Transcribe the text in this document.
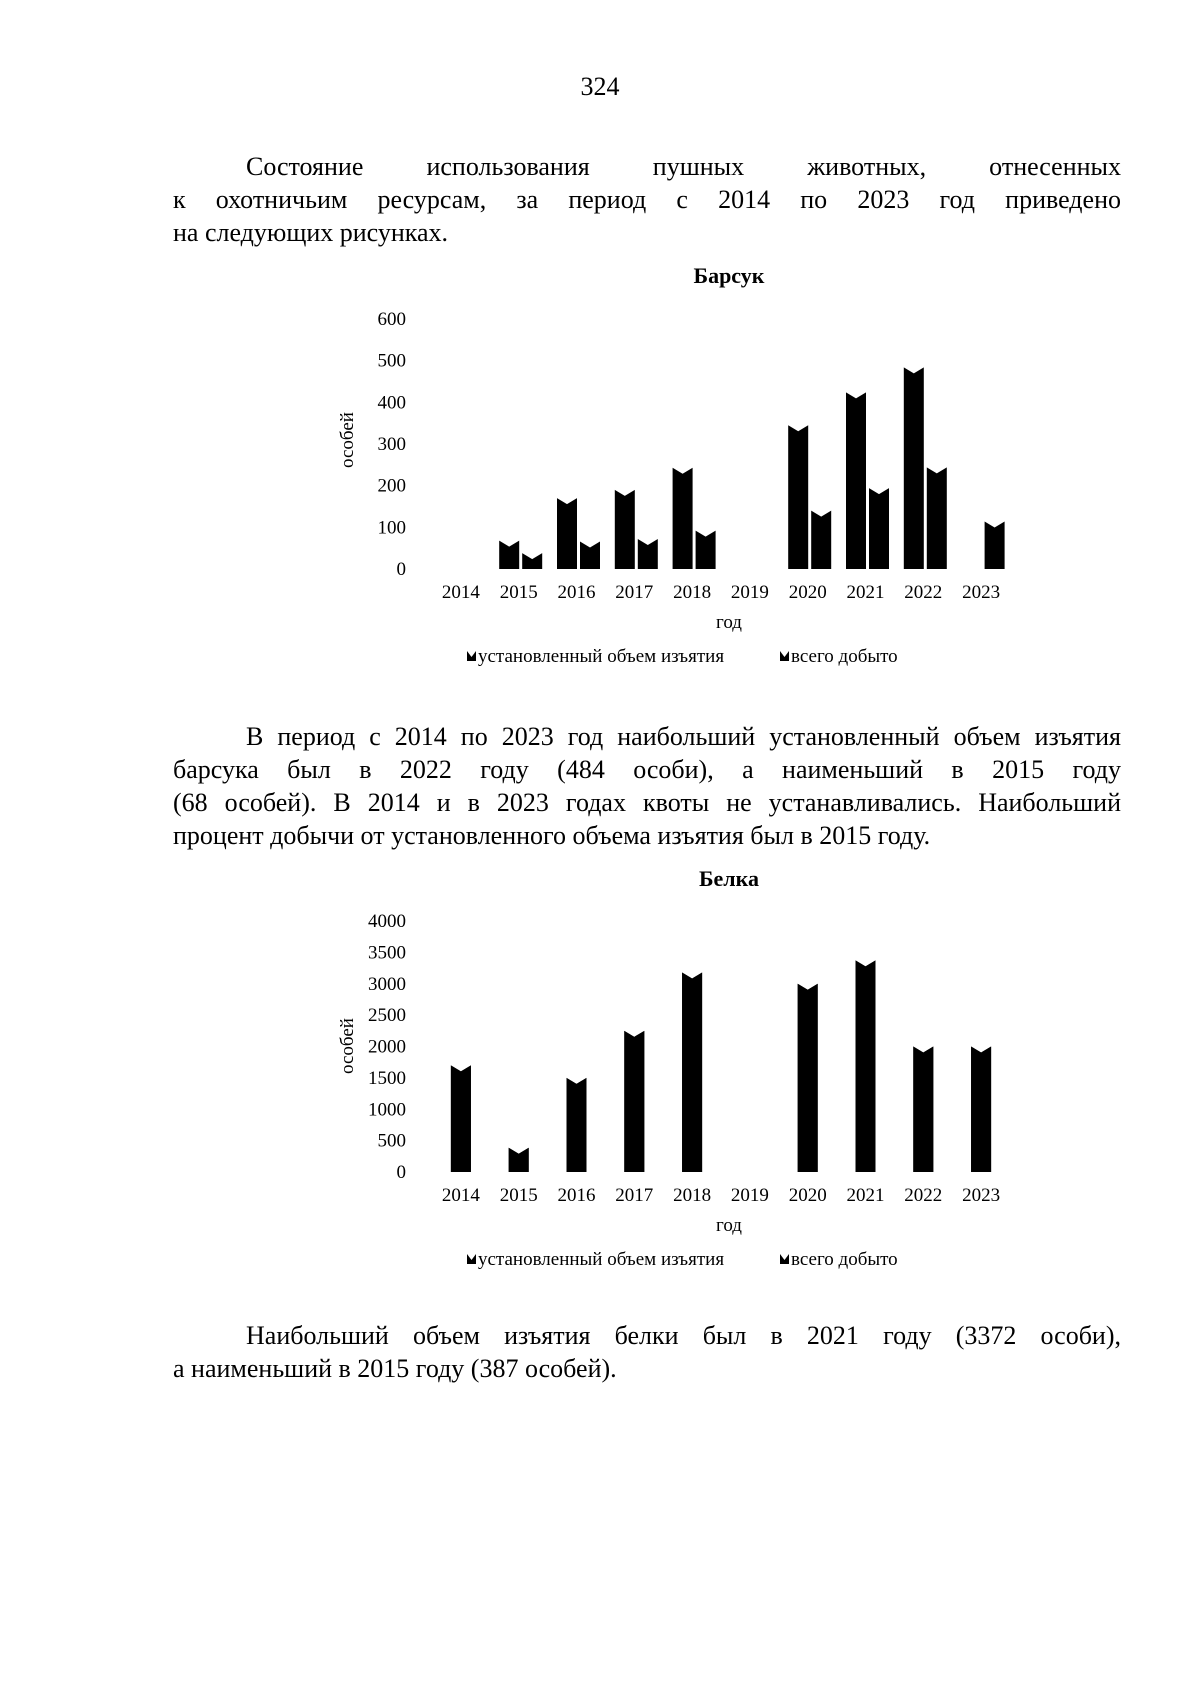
324
Состояние использования пушных животных, отнесенных
к охотничьим ресурсам, за период с 2014 по 2023 год приведено
на следующих рисунках.
Барсук
0
100
200
300
400
500
600
особей
2014 2015 2016 2017 2018 2019 2020 2021 2022 2023
год
установленный объем изъятия	всего добыто
В период с 2014 по 2023 год наибольший установленный объем изъятия
барсука был в 2022 году (484 особи), а наименьший в 2015 году
(68 особей). В 2014 и в 2023 годах квоты не устанавливались. Наибольший
процент добычи от установленного объема изъятия был в 2015 году.
Белка
0
500
1000
1500
2000
2500
3000
3500
4000
особей
2014 2015 2016 2017 2018 2019 2020 2021 2022 2023
год
установленный объем изъятия	всего добыто
Наибольший объем изъятия белки был в 2021 году (3372 особи),
а наименьший в 2015 году (387 особей).
